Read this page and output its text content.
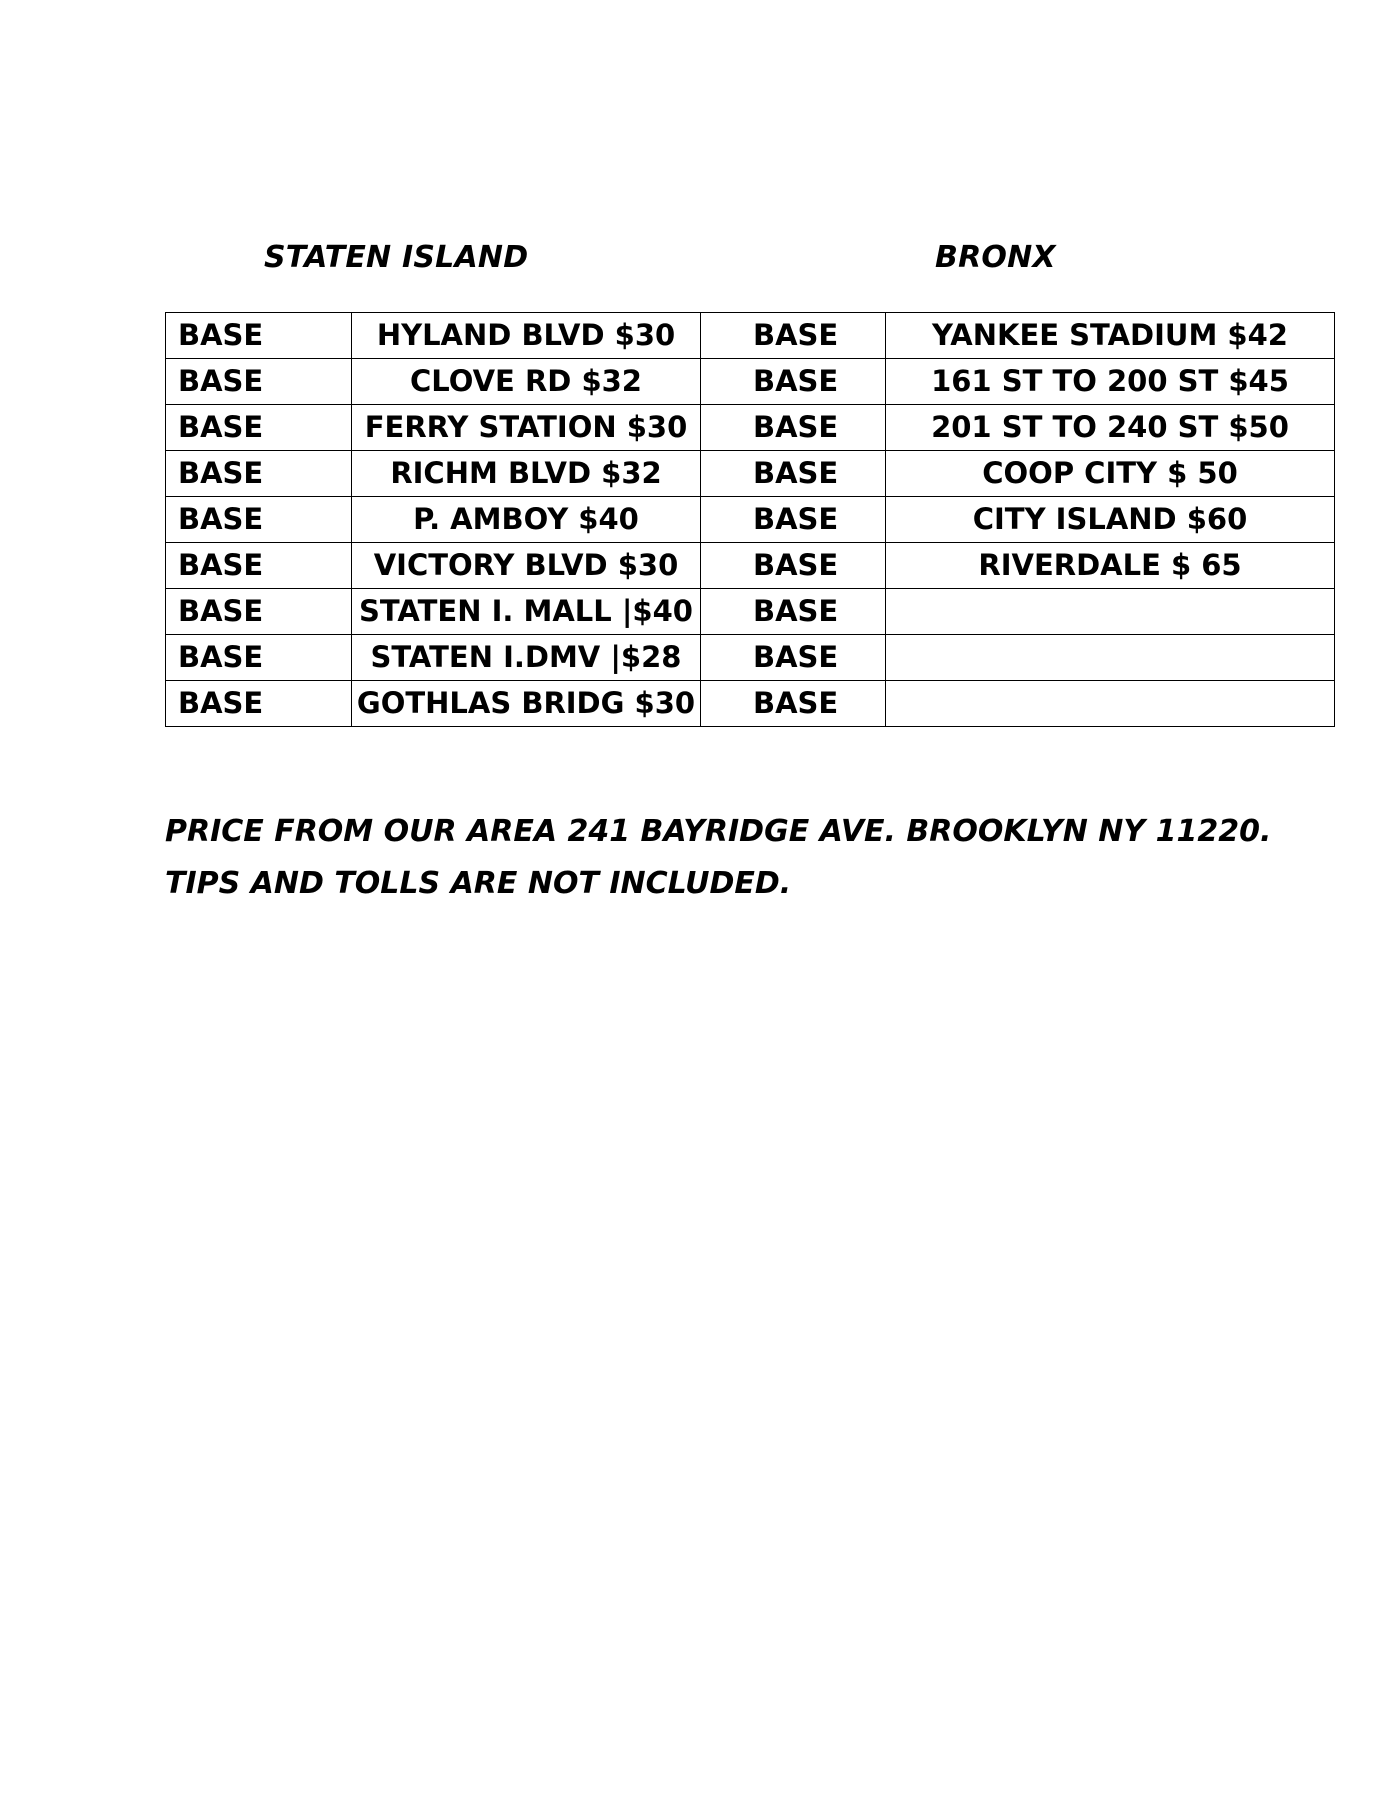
STATEN ISLAND	BRONX
BASE	HYLAND BLVD $30	BASE	YANKEE STADIUM $42
BASE	CLOVE RD $32	BASE	161 ST TO 200 ST $45
BASE	FERRY STATION $30	BASE	201 ST TO 240 ST $50
BASE	RICHM BLVD $32	BASE	COOP CITY $ 50
BASE	P. AMBOY $40	BASE	CITY ISLAND $60
BASE	VICTORY BLVD $30	BASE	RIVERDALE $ 65
BASE	STATEN I. MALL |$40	BASE	
BASE	STATEN I.DMV |$28	BASE	
BASE	GOTHLAS BRIDG $30	BASE	
PRICE FROM OUR AREA 241 BAYRIDGE AVE. BROOKLYN NY 11220.
TIPS AND TOLLS ARE NOT INCLUDED.
